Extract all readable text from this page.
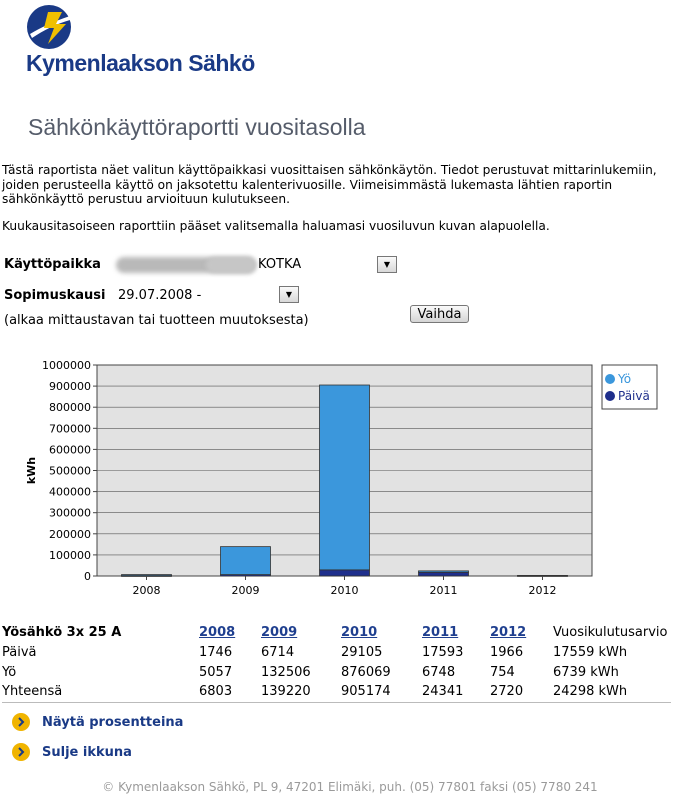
Kymenlaakson Sähkö
Sähkönkäyttöraportti vuositasolla
Tästä raportista näet valitun käyttöpaikkasi vuosittaisen sähkönkäytön. Tiedot perustuvat mittarinlukemiin, joiden perusteella käyttö on jaksotettu kalenterivuosille. Viimeisimmästä lukemasta lähtien raportin sähkönkäyttö perustuu arvioituun kulutukseen.
Kuukausitasoiseen raporttiin pääset valitsemalla haluamasi vuosiluvun kuvan alapuolella.
Käyttöpaikka	KOTKA	▼
Sopimuskausi 29.07.2008 -	▼
(alkaa mittaustavan tai tuotteen muutoksesta)	Vaihda
0
100000
200000
300000
400000
500000
600000
700000
800000
900000
1000000
kWh
2008	2009	2010	2011	2012
Yö
Päivä
Yösähkö 3x 25 A	2008	2009	2010	2011	2012	Vuosikulutusarvio
Päivä	1746	6714	29105	17593	1966	17559 kWh
Yö	5057	132506	876069	6748	754	6739 kWh
Yhteensä	6803	139220	905174	24341	2720	24298 kWh
Näytä prosentteina
Sulje ikkuna
© Kymenlaakson Sähkö, PL 9, 47201 Elimäki, puh. (05) 77801 faksi (05) 7780 241
